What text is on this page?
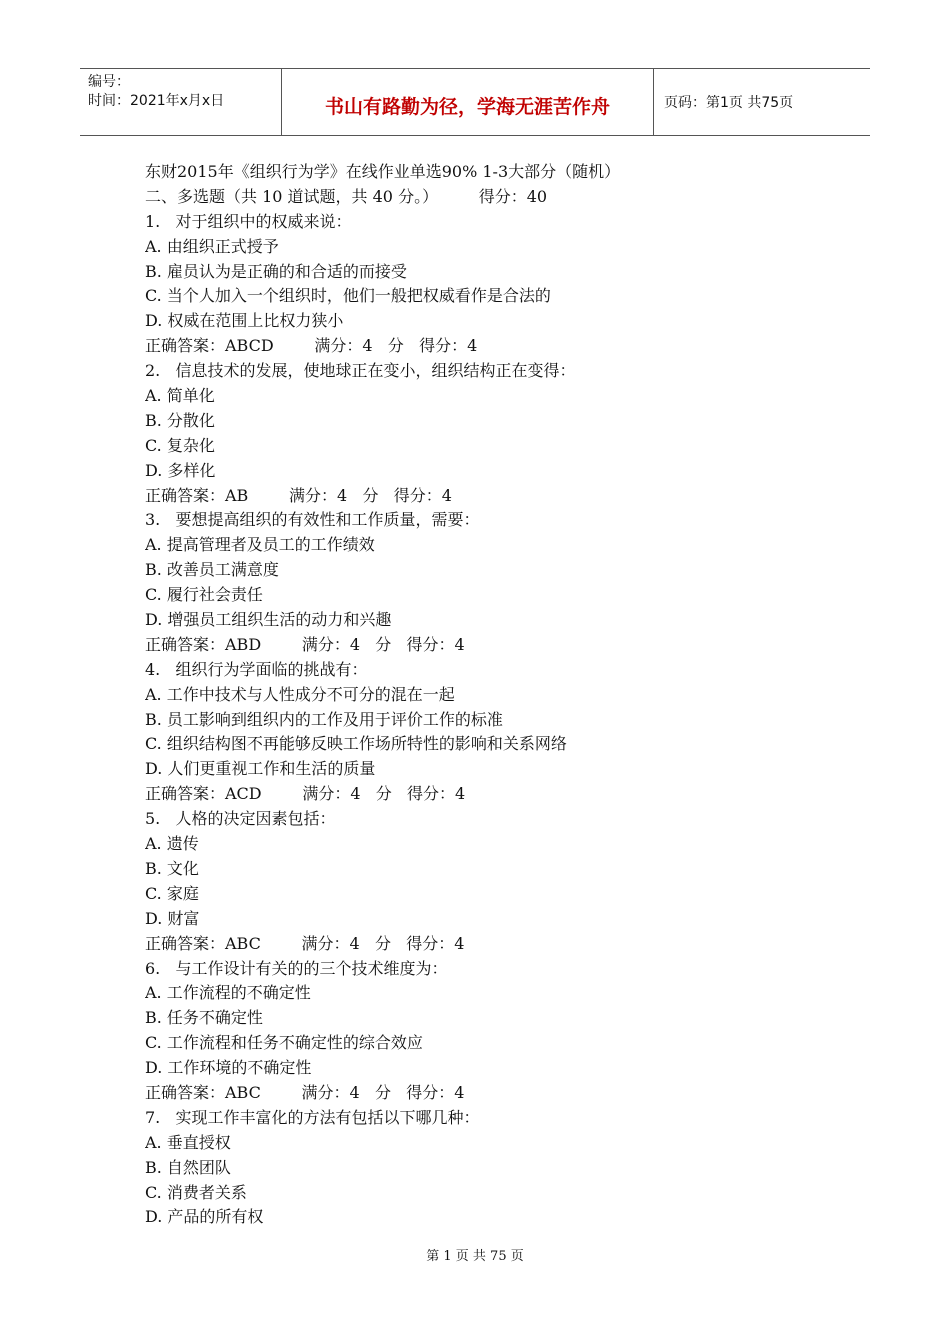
编号：
时间：2021年x月x日	书山有路勤为径，学海无涯苦作舟	页码：第1页 共75页
东财2015年《组织行为学》在线作业单选90% 1-3大部分（随机）
二、多选题（共 10 道试题，共 40 分。）        得分：40
1.   对于组织中的权威来说：
A. 由组织正式授予
B. 雇员认为是正确的和合适的而接受
C. 当个人加入一个组织时，他们一般把权威看作是合法的
D. 权威在范围上比权力狭小
正确答案：ABCD        满分：4   分   得分：4
2.   信息技术的发展，使地球正在变小，组织结构正在变得：
A. 简单化
B. 分散化
C. 复杂化
D. 多样化
正确答案：AB        满分：4   分   得分：4
3.   要想提高组织的有效性和工作质量，需要：
A. 提高管理者及员工的工作绩效
B. 改善员工满意度
C. 履行社会责任
D. 增强员工组织生活的动力和兴趣
正确答案：ABD        满分：4   分   得分：4
4.   组织行为学面临的挑战有：
A. 工作中技术与人性成分不可分的混在一起
B. 员工影响到组织内的工作及用于评价工作的标准
C. 组织结构图不再能够反映工作场所特性的影响和关系网络
D. 人们更重视工作和生活的质量
正确答案：ACD        满分：4   分   得分：4
5.   人格的决定因素包括：
A. 遗传
B. 文化
C. 家庭
D. 财富
正确答案：ABC        满分：4   分   得分：4
6.   与工作设计有关的的三个技术维度为：
A. 工作流程的不确定性
B. 任务不确定性
C. 工作流程和任务不确定性的综合效应
D. 工作环境的不确定性
正确答案：ABC        满分：4   分   得分：4
7.   实现工作丰富化的方法有包括以下哪几种：
A. 垂直授权
B. 自然团队
C. 消费者关系
D. 产品的所有权
第 1 页 共 75 页
